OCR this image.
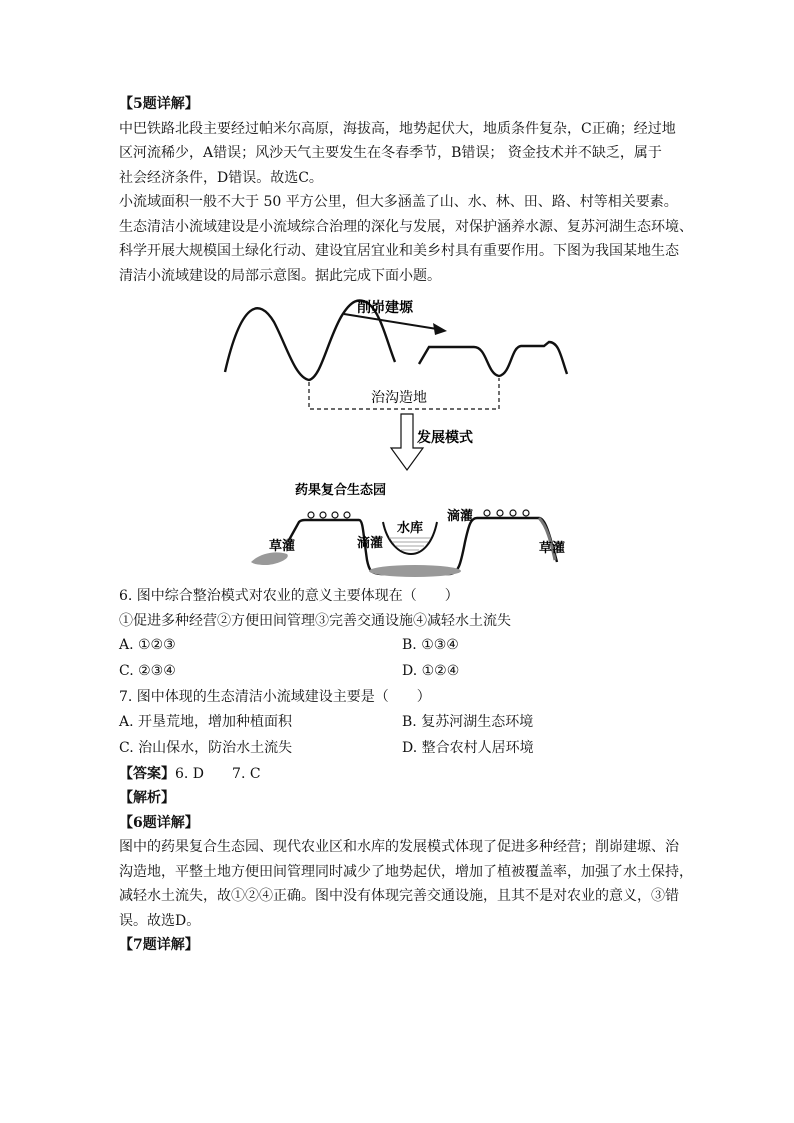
【5题详解】

中巴铁路北段主要经过帕米尔高原，海拔高，地势起伏大，地质条件复杂，C正确；经过地

区河流稀少，A错误；风沙天气主要发生在冬春季节，B错误； 资金技术并不缺乏，属于

社会经济条件，D错误。故选C。

小流域面积一般不大于 50 平方公里，但大多涵盖了山、水、林、田、路、村等相关要素。

生态清洁小流域建设是小流域综合治理的深化与发展，对保护涵养水源、复苏河湖生态环境、

科学开展大规模国土绿化行动、建设宜居宜业和美乡村具有重要作用。下图为我国某地生态

清洁小流域建设的局部示意图。据此完成下面小题。

削峁建塬
治沟造地
发展模式
药果复合生态园
草灌
水库
滴灌
滴灌
草灌

6. 图中综合整治模式对农业的意义主要体现在（　　）

①促进多种经营②方便田间管理③完善交通设施④减轻水土流失

A. ①②③	B. ①③④
C. ②③④	D. ①②④

7. 图中体现的生态清洁小流域建设主要是（　　）

A. 开垦荒地，增加种植面积	B. 复苏河湖生态环境
C. 治山保水，防治水土流失	D. 整合农村人居环境

【答案】6. D　　7. C

【解析】

【6题详解】

图中的药果复合生态园、现代农业区和水库的发展模式体现了促进多种经营；削峁建塬、治

沟造地，平整土地方便田间管理同时减少了地势起伏，增加了植被覆盖率，加强了水土保持，

减轻水土流失，故①②④正确。图中没有体现完善交通设施，且其不是对农业的意义，③错

误。故选D。

【7题详解】
